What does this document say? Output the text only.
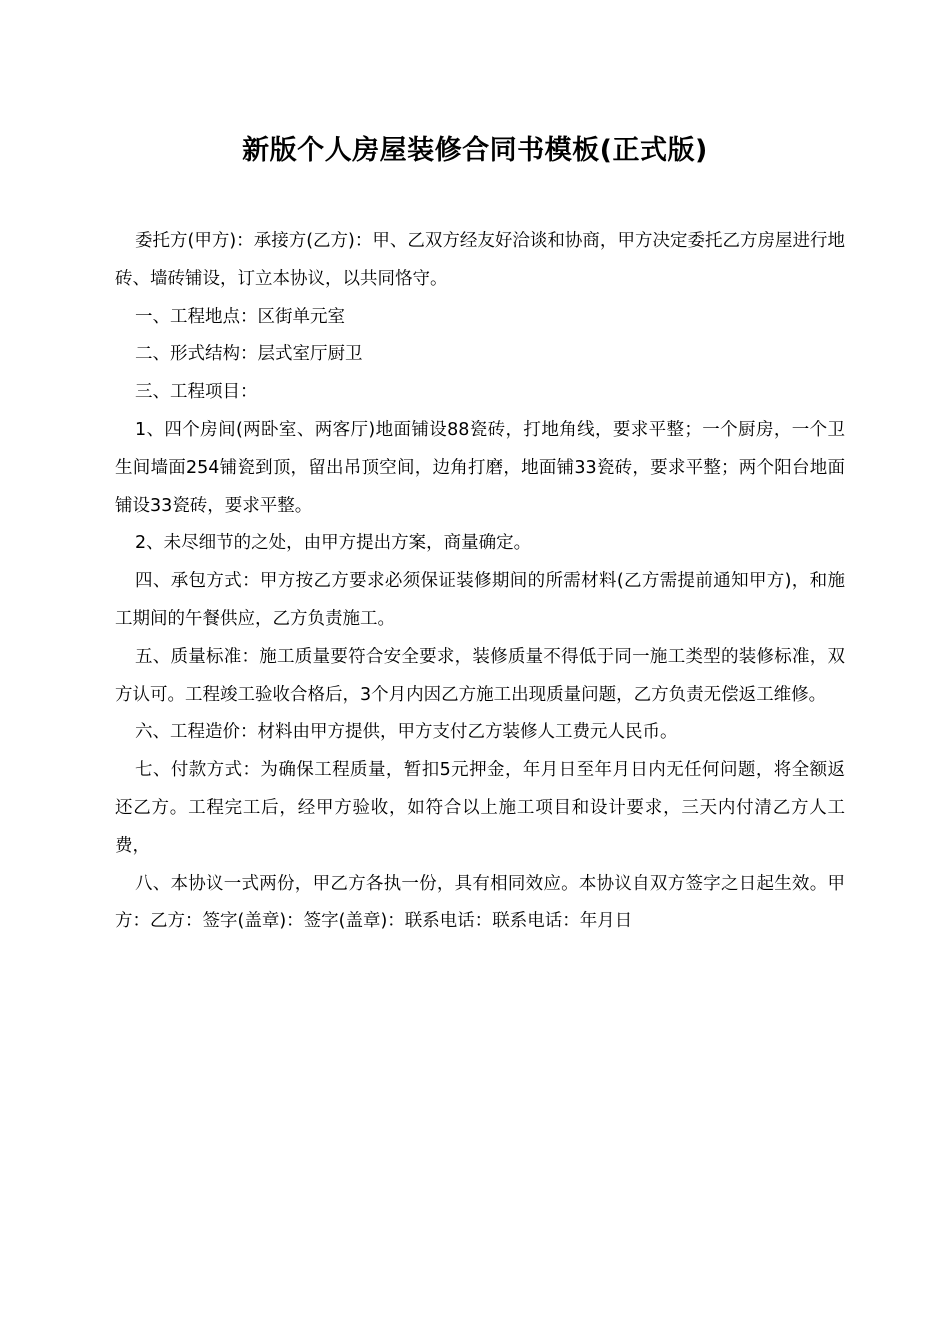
新版个人房屋装修合同书模板(正式版)

委托方(甲方)：承接方(乙方)：甲、乙双方经友好洽谈和协商，甲方决定委托乙方房屋进行地砖、墙砖铺设，订立本协议，以共同恪守。

一、工程地点：区街单元室

二、形式结构：层式室厅厨卫

三、工程项目：

1、四个房间(两卧室、两客厅)地面铺设88瓷砖，打地角线，要求平整；一个厨房，一个卫生间墙面254铺瓷到顶，留出吊顶空间，边角打磨，地面铺33瓷砖，要求平整；两个阳台地面铺设33瓷砖，要求平整。

2、未尽细节的之处，由甲方提出方案，商量确定。

四、承包方式：甲方按乙方要求必须保证装修期间的所需材料(乙方需提前通知甲方)，和施工期间的午餐供应，乙方负责施工。

五、质量标准：施工质量要符合安全要求，装修质量不得低于同一施工类型的装修标准，双方认可。工程竣工验收合格后，3个月内因乙方施工出现质量问题，乙方负责无偿返工维修。

六、工程造价：材料由甲方提供，甲方支付乙方装修人工费元人民币。

七、付款方式：为确保工程质量，暂扣5元押金，年月日至年月日内无任何问题，将全额返还乙方。工程完工后，经甲方验收，如符合以上施工项目和设计要求，三天内付清乙方人工费，

八、本协议一式两份，甲乙方各执一份，具有相同效应。本协议自双方签字之日起生效。甲方：乙方：签字(盖章)：签字(盖章)：联系电话：联系电话：年月日
